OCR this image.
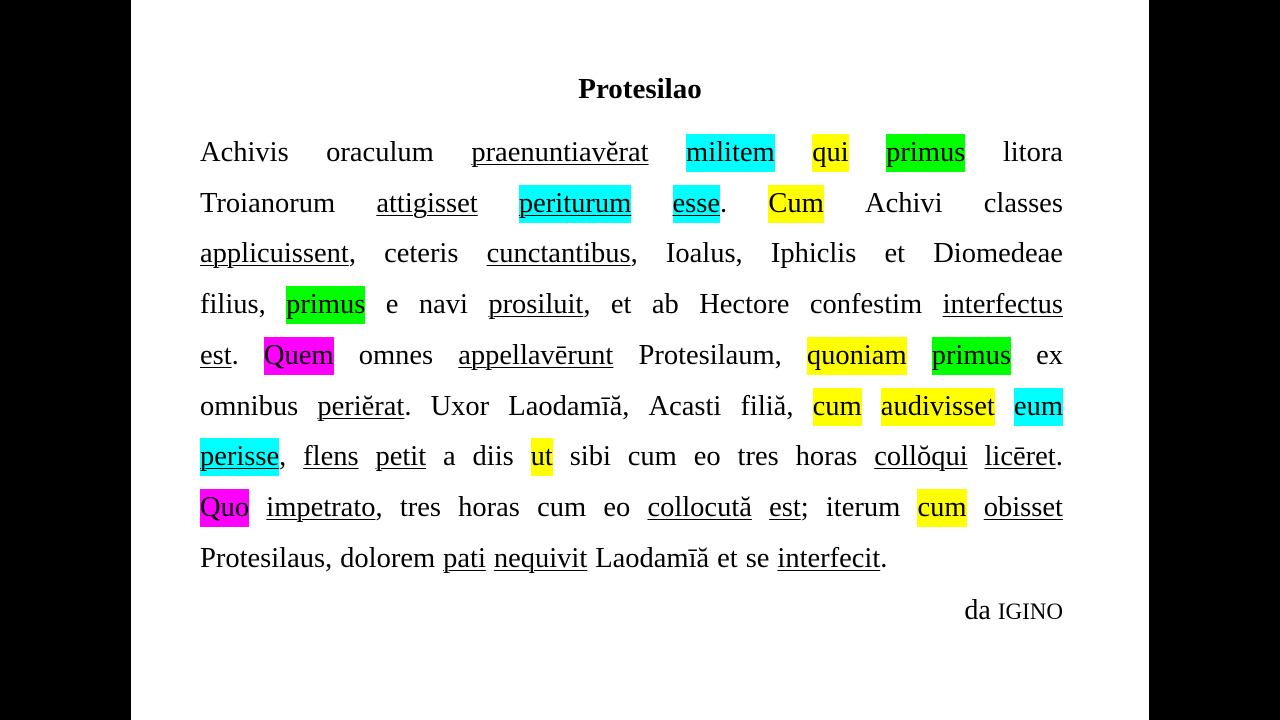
Protesilao
Achivis oraculum praenuntiavĕrat militem qui primus litora
Troianorum attigisset periturum esse. Cum Achivi classes
applicuissent, ceteris cunctantibus, Ioalus, Iphiclis et Diomedeae
filius, primus e navi prosiluit, et ab Hectore confestim interfectus
est. Quem omnes appellavērunt Protesilaum, quoniam primus ex
omnibus periĕrat. Uxor Laodamīă, Acasti filiă, cum audivisset eum
perisse, flens petit a diis ut sibi cum eo tres horas collŏqui licēret.
Quo impetrato, tres horas cum eo collocută est; iterum cum obisset
Protesilaus, dolorem pati nequivit Laodamīă et se interfecit.
da IGINO
